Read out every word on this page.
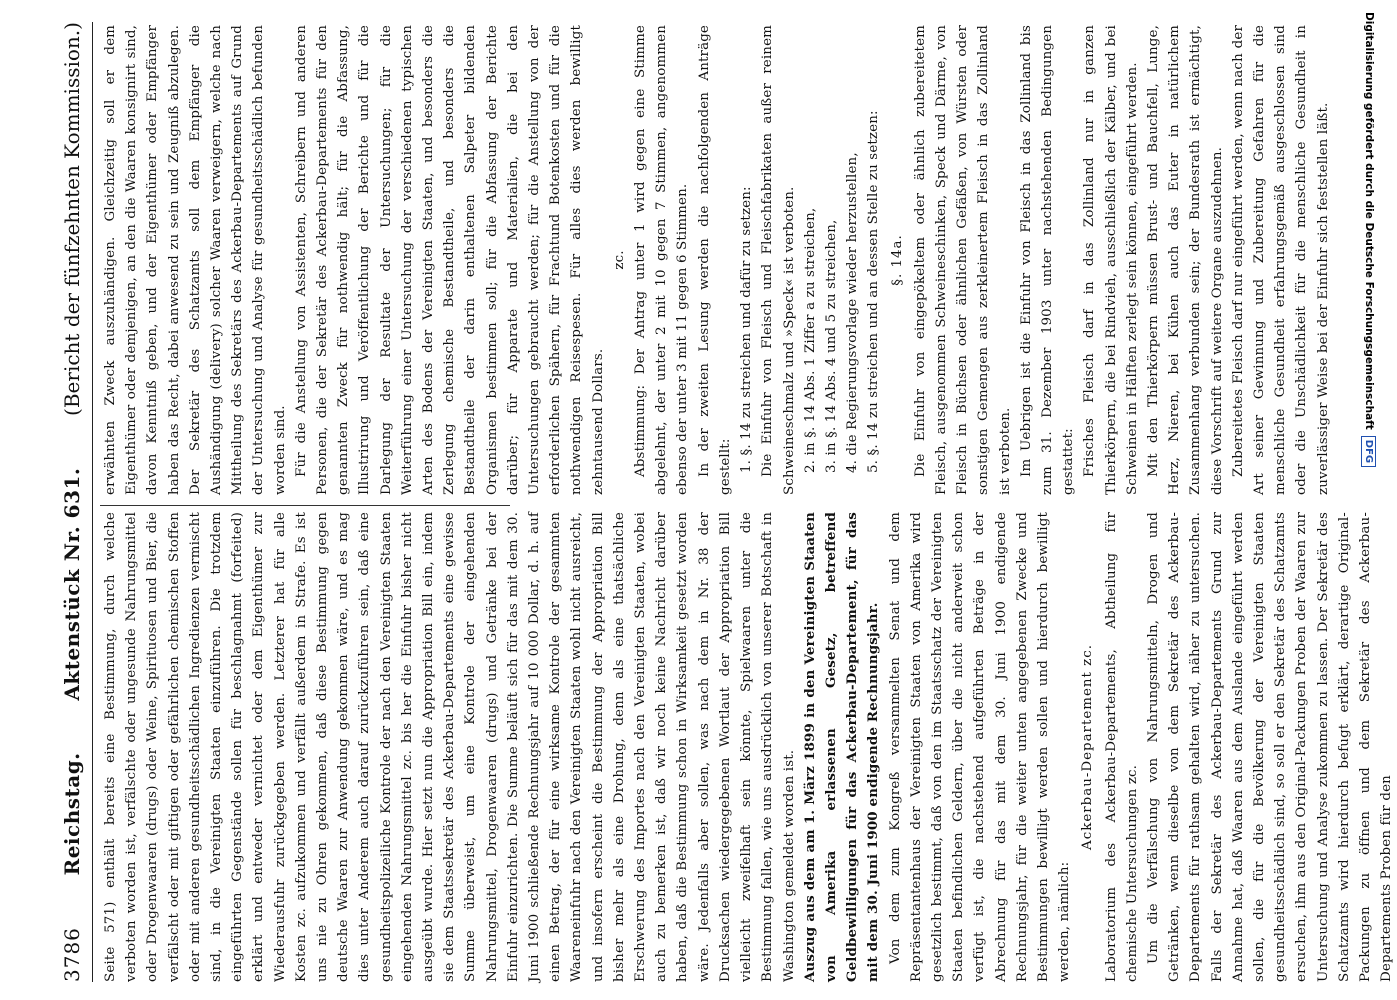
3786
Reichstag.
Aktenstück Nr. 631.
(Bericht der fünfzehnten Kommission.)

Seite 571) enthält bereits eine Bestimmung, durch welche verboten worden ist, verfälschte oder ungesunde Nahrungsmittel oder Drogenwaaren (drugs) oder Weine, Spirituosen und Bier, die verfälscht oder mit giftigen oder gefährlichen chemischen Stoffen oder mit anderen gesundheitsschädlichen Ingredienzen vermischt sind, in die Vereinigten Staaten einzuführen. Die trotzdem eingeführten Gegenstände sollen für beschlagnahmt (forfeited) erklärt und entweder vernichtet oder dem Eigenthümer zur Wiederausfuhr zurückgegeben werden. Letzterer hat für alle Kosten zc. aufzukommen und verfällt außerdem in Strafe. Es ist uns nie zu Ohren gekommen, daß diese Bestimmung gegen deutsche Waaren zur Anwendung gekommen wäre, und es mag dies unter Anderem auch darauf zurückzuführen sein, daß eine gesundheitspolizeiliche Kontrole der nach den Vereinigten Staaten eingehenden Nahrungsmittel zc. bis her die Einfuhr bisher nicht ausgeübt wurde. Hier setzt nun die Appropriation Bill ein, indem sie dem Staatssekretär des Ackerbau-Departements eine gewisse Summe überweist, um eine Kontrole der eingehenden Nahrungsmittel, Drogenwaaren (drugs) und Getränke bei der Einfuhr einzurichten. Die Summe beläuft sich für das mit dem 30. Juni 1900 schließende Rechnungsjahr auf 10 000 Dollar, d. h. auf einen Betrag, der für eine wirksame Kontrole der gesammten Waareneinfuhr nach den Vereinigten Staaten wohl nicht ausreicht, und insofern erscheint die Bestimmung der Appropriation Bill bisher mehr als eine Drohung, denn als eine thatsächliche Erschwerung des Importes nach den Vereinigten Staaten, wobei auch zu bemerken ist, daß wir noch keine Nachricht darüber haben, daß die Bestimmung schon in Wirksamkeit gesetzt worden wäre. Jedenfalls aber sollen, was nach dem in Nr. 38 der Drucksachen wiedergegebenen Wortlaut der Appropriation Bill vielleicht zweifelhaft sein könnte, Spielwaaren unter die Bestimmung fallen, wie uns ausdrücklich von unserer Botschaft in Washington gemeldet worden ist. Auszug aus dem am 1. März 1899 in den Vereinigten Staaten von Amerika erlassenen Gesetz, betreffend Geldbewilligungen für das Ackerbau-Departement, für das mit dem 30. Juni 1900 endigende Rechnungsjahr. Von dem zum Kongreß versammelten Senat und dem Repräsentantenhaus der Vereinigten Staaten von Amerika wird gesetzlich bestimmt, daß von den im Staatsschatz der Vereinigten Staaten befindlichen Geldern, über die nicht anderweit schon verfügt ist, die nachstehend aufgeführten Beträge in der Abrechnung für das mit dem 30. Juni 1900 endigende Rechnungsjahr, für die weiter unten angegebenen Zwecke und Bestimmungen bewilligt werden sollen und hierdurch bewilligt werden, nämlich:

Ackerbau-Departement zc. Laboratorium des Ackerbau-Departements, Abtheilung für chemische Untersuchungen zc. Um die Verfälschung von Nahrungsmitteln, Drogen und Getränken, wenn dieselbe von dem Sekretär des Ackerbau-Departements für rathsam gehalten wird, näher zu untersuchen. Falls der Sekretär des Ackerbau-Departements Grund zur Annahme hat, daß Waaren aus dem Auslande eingeführt werden sollen, die für die Bevölkerung der Vereinigten Staaten gesundheitsschädlich sind, so soll er den Sekretär des Schatzamts ersuchen, ihm aus den Original-Packungen Proben der Waaren zur Untersuchung und Analyse zukommen zu lassen. Der Sekretär des Schatzamts wird hierdurch befugt erklärt, derartige Original-Packungen zu öffnen und dem Sekretär des Ackerbau-Departements Proben für den

erwähnten Zweck auszuhändigen. Gleichzeitig soll er dem Eigenthümer oder demjenigen, an den die Waaren konsignirt sind, davon Kenntniß geben, und der Eigenthümer oder Empfänger haben das Recht, dabei anwesend zu sein und Zeugniß abzulegen. Der Sekretär des Schatzamts soll dem Empfänger die Aushändigung (delivery) solcher Waaren verweigern, welche nach Mittheilung des Sekretärs des Ackerbau-Departements auf Grund der Untersuchung und Analyse für gesundheitsschädlich befunden worden sind. Für die Anstellung von Assistenten, Schreibern und anderen Personen, die der Sekretär des Ackerbau-Departements für den genannten Zweck für nothwendig hält; für die Abfassung, Illustrirung und Veröffentlichung der Berichte und für die Darlegung der Resultate der Untersuchungen; für die Weiterführung einer Untersuchung der verschiedenen typischen Arten des Bodens der Vereinigten Staaten, und besonders die Zerlegung chemische Bestandtheile, und besonders die Bestandtheile der darin enthaltenen Salpeter bildenden Organismen bestimmen soll; für die Abfassung der Berichte darüber; für Apparate und Materialien, die bei den Untersuchungen gebraucht werden; für die Anstellung von der erforderlichen Spähern, für Frachtund Botenkosten und für die nothwendigen Reisespesen. Für alles dies werden bewilligt zehntausend Dollars.

zc. Abstimmung: Der Antrag unter 1 wird gegen eine Stimme abgelehnt, der unter 2 mit 10 gegen 7 Stimmen, angenommen ebenso der unter 3 mit 11 gegen 6 Stimmen. In der zweiten Lesung werden die nachfolgenden Anträge gestellt: 1. §. 14 zu streichen und dafür zu setzen: Die Einfuhr von Fleisch und Fleischfabrikaten außer reinem Schweineschmalz und »Speck« ist verboten. 2. in §. 14 Abs. 1 Ziffer a zu streichen, 3. in §. 14 Abs. 4 und 5 zu streichen, 4. die Regierungsvorlage wieder herzustellen, 5. §. 14 zu streichen und an dessen Stelle zu setzen: §. 14a. Die Einfuhr von eingepökeltem oder ähnlich zubereitetem Fleisch, ausgenommen Schweineschinken, Speck und Därme, von Fleisch in Büchsen oder ähnlichen Gefäßen, von Würsten oder sonstigen Gemengen aus zerkleinertem Fleisch in das Zollinland ist verboten. Im Uebrigen ist die Einfuhr von Fleisch in das Zollinland bis zum 31. Dezember 1903 unter nachstehenden Bedingungen gestattet: Frisches Fleisch darf in das Zollinland nur in ganzen Thierkörpern, die bei Rindvieh, ausschließlich der Kälber, und bei Schweinen in Hälften zerlegt sein können, eingeführt werden. Mit den Thierkörpern müssen Brust- und Bauchfell, Lunge, Herz, Nieren, bei Kühen auch das Euter in natürlichem Zusammenhang verbunden sein; der Bundesrath ist ermächtigt, diese Vorschrift auf weitere Organe auszudehnen. Zubereitetes Fleisch darf nur eingeführt werden, wenn nach der Art seiner Gewinnung und Zubereitung Gefahren für die menschliche Gesundheit erfahrungsgemäß ausgeschlossen sind oder die Unschädlichkeit für die menschliche Gesundheit in zuverlässiger Weise bei der Einfuhr sich feststellen läßt.	Digitalisierung gefördert durch die Deutsche Forschungsgemeinschaft
DFG
